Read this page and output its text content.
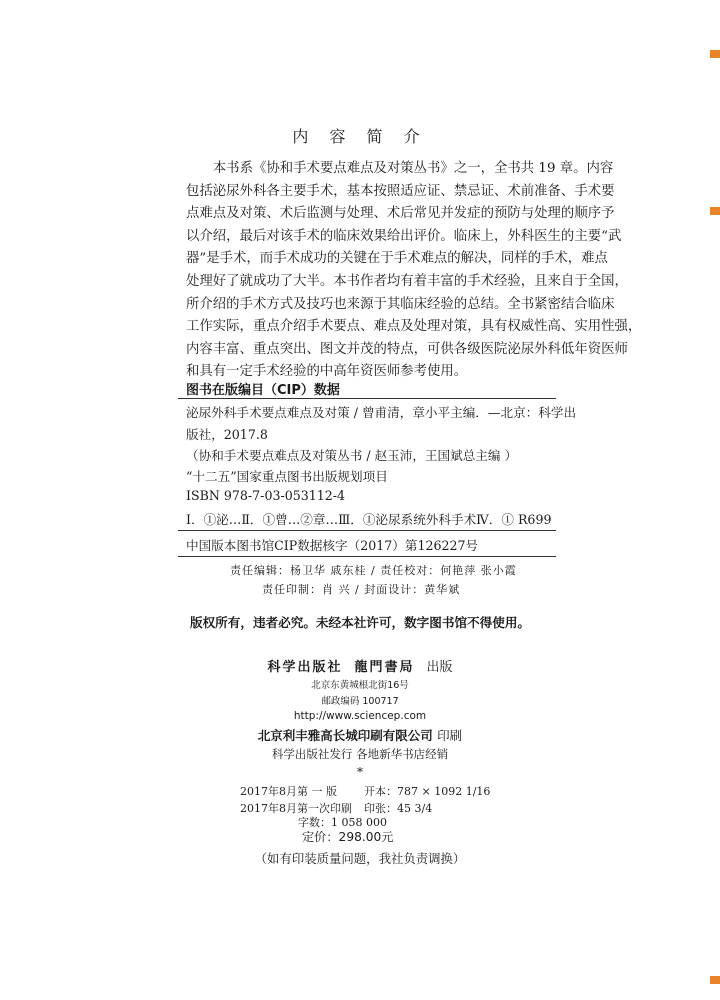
内 容 简 介
本书系《协和手术要点难点及对策丛书》之一，全书共 19 章。内容
包括泌尿外科各主要手术，基本按照适应证、禁忌证、术前准备、手术要
点难点及对策、术后监测与处理、术后常见并发症的预防与处理的顺序予
以介绍，最后对该手术的临床效果给出评价。临床上，外科医生的主要“武
器”是手术，而手术成功的关键在于手术难点的解决，同样的手术，难点
处理好了就成功了大半。本书作者均有着丰富的手术经验，且来自于全国，
所介绍的手术方式及技巧也来源于其临床经验的总结。全书紧密结合临床
工作实际，重点介绍手术要点、难点及处理对策，具有权威性高、实用性强，
内容丰富、重点突出、图文并茂的特点，可供各级医院泌尿外科低年资医师
和具有一定手术经验的中高年资医师参考使用。
图书在版编目（CIP）数据
泌尿外科手术要点难点及对策 / 曾甫清，章小平主编．—北京：科学出
版社，2017.8
（协和手术要点难点及对策丛书 / 赵玉沛，王国斌总主编 ）
“十二五”国家重点图书出版规划项目
ISBN 978-7-03-053112-4
Ⅰ．①泌… Ⅱ．①曾…②章… Ⅲ．①泌尿系统外科手术 Ⅳ．① R699
中国版本图书馆CIP数据核字（2017）第126227号
责任编辑：杨卫华 戚东桂 / 责任校对：何艳萍 张小霞
责任印制：肖 兴 / 封面设计：黄华斌
版权所有，违者必究。未经本社许可，数字图书馆不得使用。
科学出版社 龍門書局 出版
北京东黄城根北街16号
邮政编码 100717
http://www.sciencep.com
北京利丰雅高长城印刷有限公司 印刷
科学出版社发行 各地新华书店经销
*
2017年8月第 一 版 开本：787 × 1092 1/16
2017年8月第一次印刷 印张：45 3/4
字数：1 058 000
定价：298.00元
（如有印装质量问题，我社负责调换）
